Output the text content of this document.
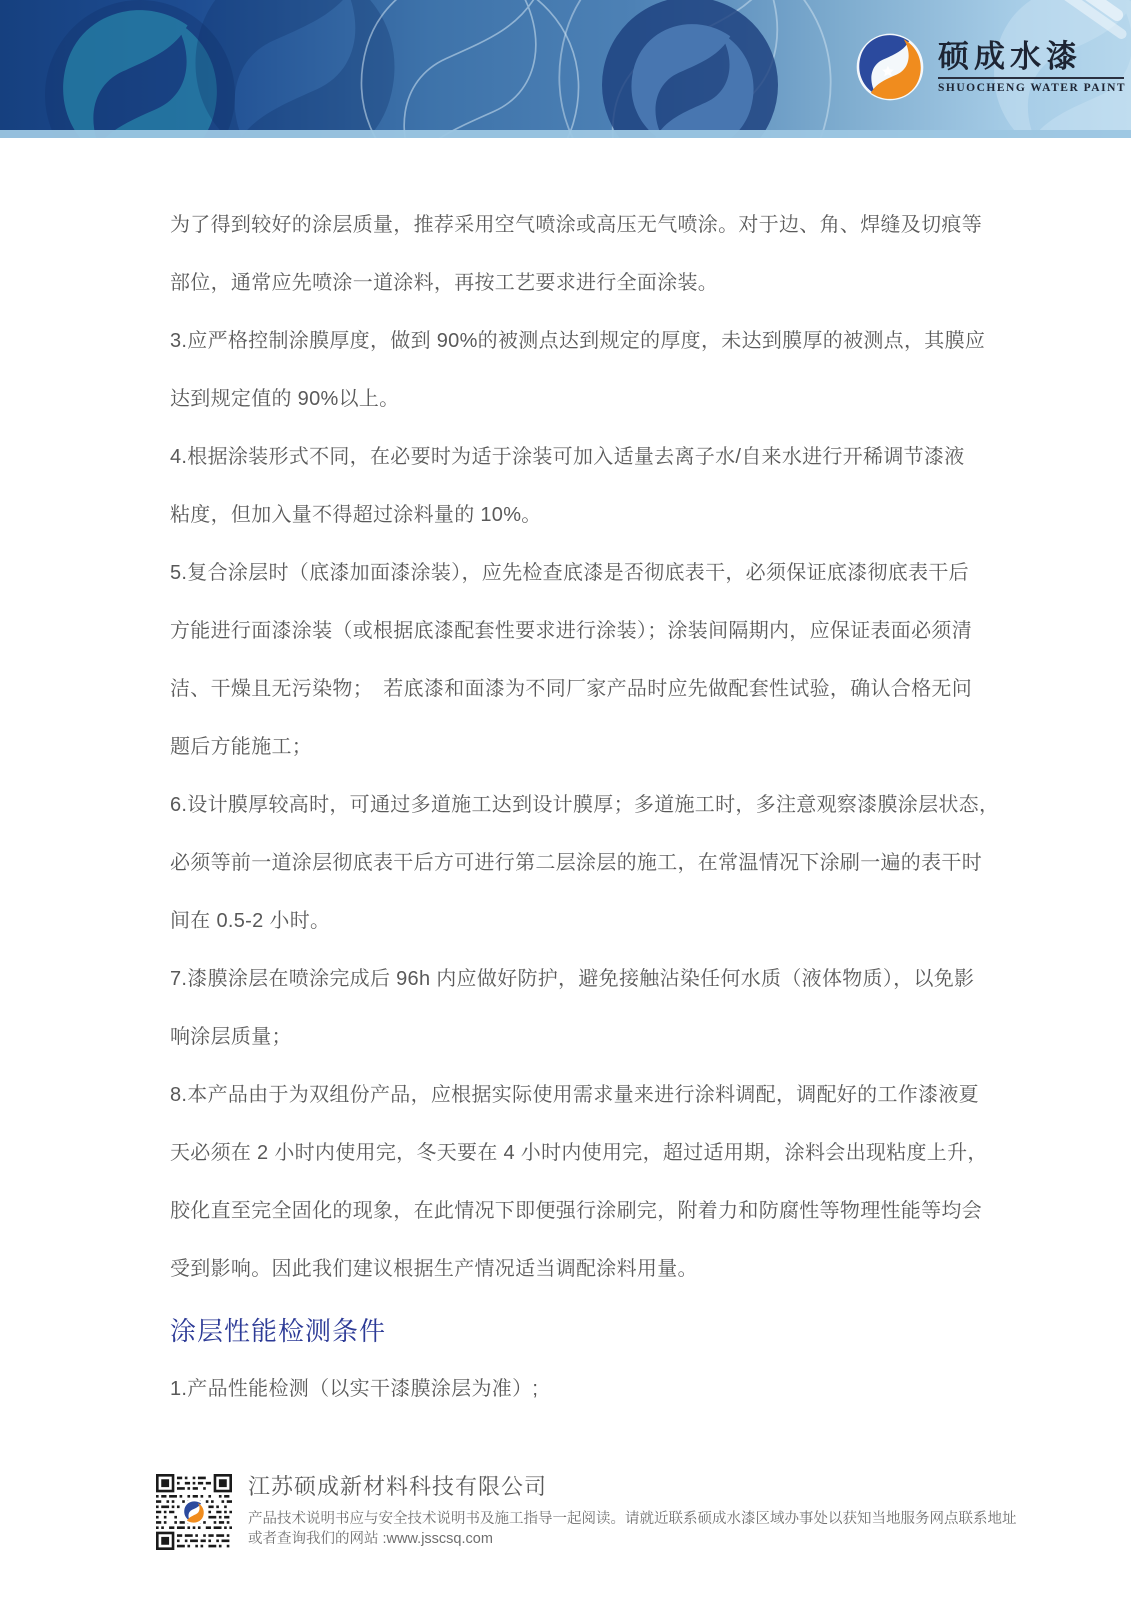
硕成水漆
SHUOCHENG WATER PAINT

为了得到较好的涂层质量，推荐采用空气喷涂或高压无气喷涂。对于边、角、焊缝及切痕等
部位，通常应先喷涂一道涂料，再按工艺要求进行全面涂装。

3.应严格控制涂膜厚度，做到 90%的被测点达到规定的厚度，未达到膜厚的被测点，其膜应
达到规定值的 90%以上。

4.根据涂装形式不同，在必要时为适于涂装可加入适量去离子水/自来水进行开稀调节漆液
粘度，但加入量不得超过涂料量的 10%。

5.复合涂层时（底漆加面漆涂装），应先检查底漆是否彻底表干，必须保证底漆彻底表干后
方能进行面漆涂装（或根据底漆配套性要求进行涂装）；涂装间隔期内，应保证表面必须清
洁、干燥且无污染物；　若底漆和面漆为不同厂家产品时应先做配套性试验，确认合格无问
题后方能施工；

6.设计膜厚较高时，可通过多道施工达到设计膜厚；多道施工时，多注意观察漆膜涂层状态，
必须等前一道涂层彻底表干后方可进行第二层涂层的施工，在常温情况下涂刷一遍的表干时
间在 0.5-2 小时。

7.漆膜涂层在喷涂完成后 96h 内应做好防护，避免接触沾染任何水质（液体物质），以免影
响涂层质量；

8.本产品由于为双组份产品，应根据实际使用需求量来进行涂料调配，调配好的工作漆液夏
天必须在 2 小时内使用完，冬天要在 4 小时内使用完，超过适用期，涂料会出现粘度上升，
胶化直至完全固化的现象，在此情况下即便强行涂刷完，附着力和防腐性等物理性能等均会
受到影响。因此我们建议根据生产情况适当调配涂料用量。

涂层性能检测条件
1.产品性能检测（以实干漆膜涂层为准）;
江苏硕成新材料科技有限公司
产品技术说明书应与安全技术说明书及施工指导一起阅读。请就近联系硕成水漆区域办事处以获知当地服务网点联系地址
或者查询我们的网站 :www.jsscsq.com
